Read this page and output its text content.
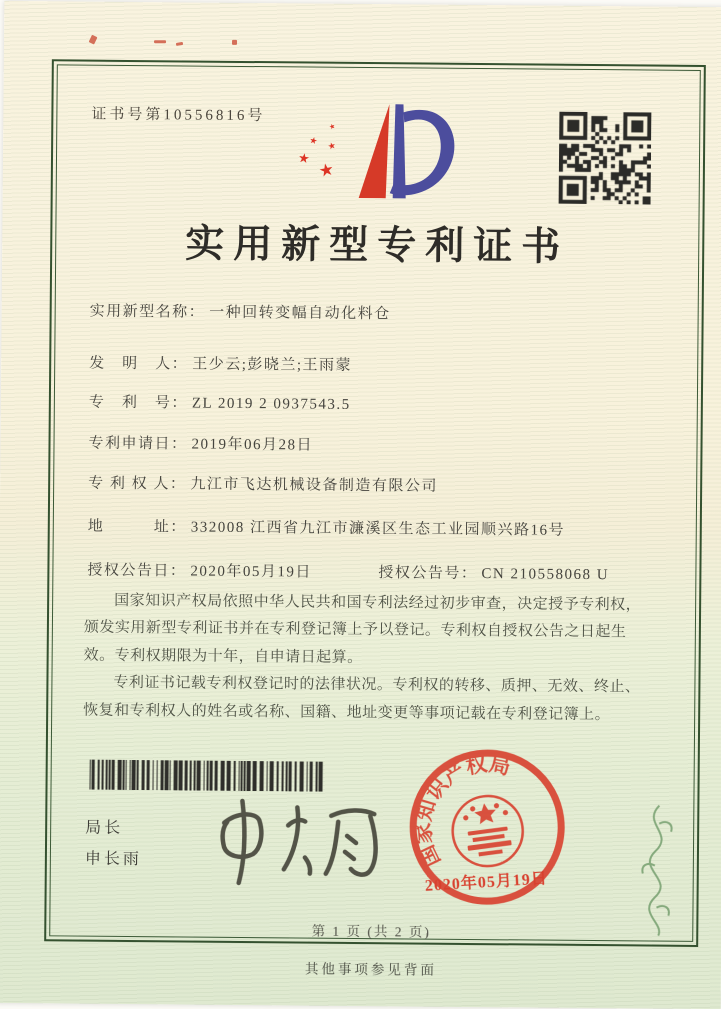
证书号第10556816号
★
★ ★
★
★
实用新型专利证书
实用新型名称： 一种回转变幅自动化料仓
发　明　人： 王少云;彭晓兰;王雨蒙
专　利　号： ZL 2019 2 0937543.5
专利申请日： 2019年06月28日
专 利 权 人： 九江市飞达机械设备制造有限公司
地　　　址： 332008 江西省九江市濂溪区生态工业园顺兴路16号
授权公告日： 2020年05月19日	授权公告号： CN 210558068 U

国家知识产权局依照中华人民共和国专利法经过初步审查，决定授予专利权，颁发实用新型专利证书并在专利登记簿上予以登记。专利权自授权公告之日起生效。专利权期限为十年，自申请日起算。

专利证书记载专利权登记时的法律状况。专利权的转移、质押、无效、终止、恢复和专利权人的姓名或名称、国籍、地址变更等事项记载在专利登记簿上。

局长
申长雨	国家知识产权局
2020年05月19日
第 1 页 (共 2 页)
其他事项参见背面
